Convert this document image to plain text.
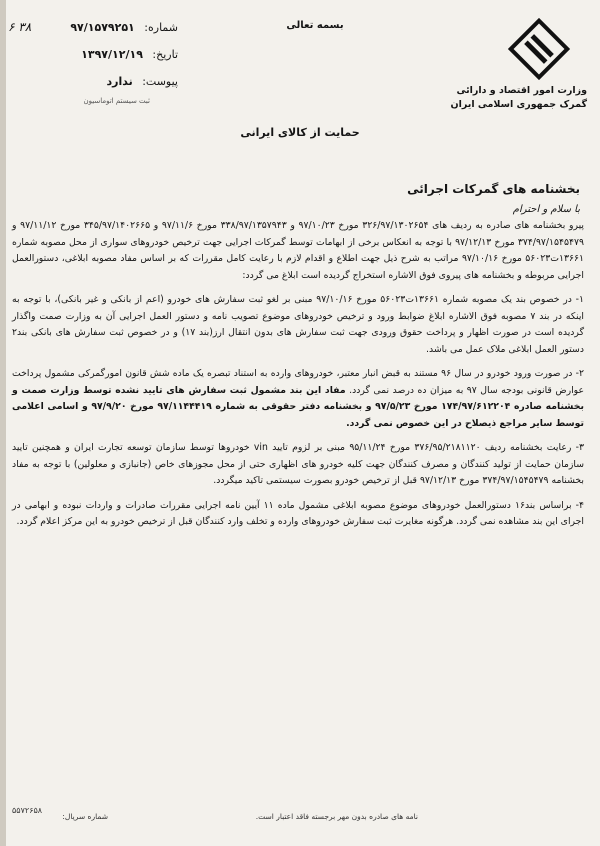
وزارت امور اقتصاد و دارائی
گمرک جمهوری اسلامی ایران
بسمه تعالی
۳۸ ۶	شماره: ۹۷/۱۵۷۹۲۵۱
تاریخ: ۱۳۹۷/۱۲/۱۹
پیوست: ندارد
ثبت سیستم اتوماسیون
حمایت از کالای ایرانی
بخشنامه های گمرکات اجرائی
با سلام و احترام

پیرو بخشنامه های صادره به ردیف های ۳۲۶/۹۷/۱۳۰۲۶۵۴ مورخ ۹۷/۱۰/۲۳ و ۳۳۸/۹۷/۱۳۵۷۹۴۳ مورخ ۹۷/۱۱/۶ و ۳۴۵/۹۷/۱۴۰۲۶۶۵ مورخ ۹۷/۱۱/۱۲ و ۳۷۴/۹۷/۱۵۴۵۴۷۹ مورخ ۹۷/۱۲/۱۳ با توجه به انعکاس برخی از ابهامات توسط گمرکات اجرایی جهت ترخیص خودروهای سواری از محل مصوبه شماره ۱۳۶۶۱ت۵۶۰۲۳ مورخ ۹۷/۱۰/۱۶ مراتب به شرح ذیل جهت اطلاع و اقدام لازم با رعایت کامل مقررات که بر اساس مفاد مصوبه ابلاغی، دستورالعمل اجرایی مربوطه و بخشنامه های پیروی فوق الاشاره استخراج گردیده است ابلاغ می گردد:

۱- در خصوص بند یک مصوبه شماره ۱۳۶۶۱ت۵۶۰۲۳ مورخ ۹۷/۱۰/۱۶ مبنی بر لغو ثبت سفارش های خودرو (اعم از بانکی و غیر بانکی)، با توجه به اینکه در بند ۷ مصوبه فوق الاشاره ابلاغ ضوابط ورود و ترخیص خودروهای موضوع تصویب نامه و دستور العمل اجرایی آن به وزارت صمت واگذار گردیده است در صورت اظهار و پرداخت حقوق ورودی جهت ثبت سفارش های بدون انتقال ارز(بند ۱۷) و در خصوص ثبت سفارش های بانکی بند۲ دستور العمل ابلاغی ملاک عمل می باشد.

۲- در صورت ورود خودرو در سال ۹۶ مستند به قبض انبار معتبر، خودروهای وارده به استناد تبصره یک ماده شش قانون امورگمرکی مشمول پرداخت عوارض قانونی بودجه سال ۹۷ به میزان ده درصد نمی گردد. مفاد این بند مشمول ثبت سفارش های تایید نشده توسط وزارت صمت و بخشنامه صادره ۱۷۴/۹۷/۶۱۲۲۰۴ مورخ ۹۷/۵/۲۳ و بخشنامه دفتر حقوقی به شماره ۹۷/۱۱۴۴۴۱۹ مورخ ۹۷/۹/۲۰ و اسامی اعلامی توسط سایر مراجع ذیصلاح در این خصوص نمی گردد.

۳- رعایت بخشنامه ردیف ۳۷۶/۹۵/۲۱۸۱۱۲۰ مورخ ۹۵/۱۱/۲۴ مبنی بر لزوم تایید vin خودروها توسط سازمان توسعه تجارت ایران و همچنین تایید سازمان حمایت از تولید کنندگان و مصرف کنندگان جهت کلیه خودرو های اظهاری حتی از محل مجوزهای خاص (جانبازی و معلولین) با توجه به مفاد بخشنامه ۳۷۴/۹۷/۱۵۴۵۴۷۹ مورخ ۹۷/۱۲/۱۳ قبل از ترخیص خودرو بصورت سیستمی تاکید میگردد.

۴- براساس بند۱۶ دستورالعمل خودروهای موضوع مصوبه ابلاغی مشمول ماده ۱۱ آیین نامه اجرایی مقررات صادرات و واردات نبوده و ابهامی در اجرای این بند مشاهده نمی گردد. هرگونه مغایرت ثبت سفارش خودروهای وارده و تخلف وارد کنندگان قبل از ترخیص خودرو به این مرکز اعلام گردد.

نامه های صادره بدون مهر برجسته فاقد اعتبار است.
شماره سریال:
۵۵۷۲۶۵۸
